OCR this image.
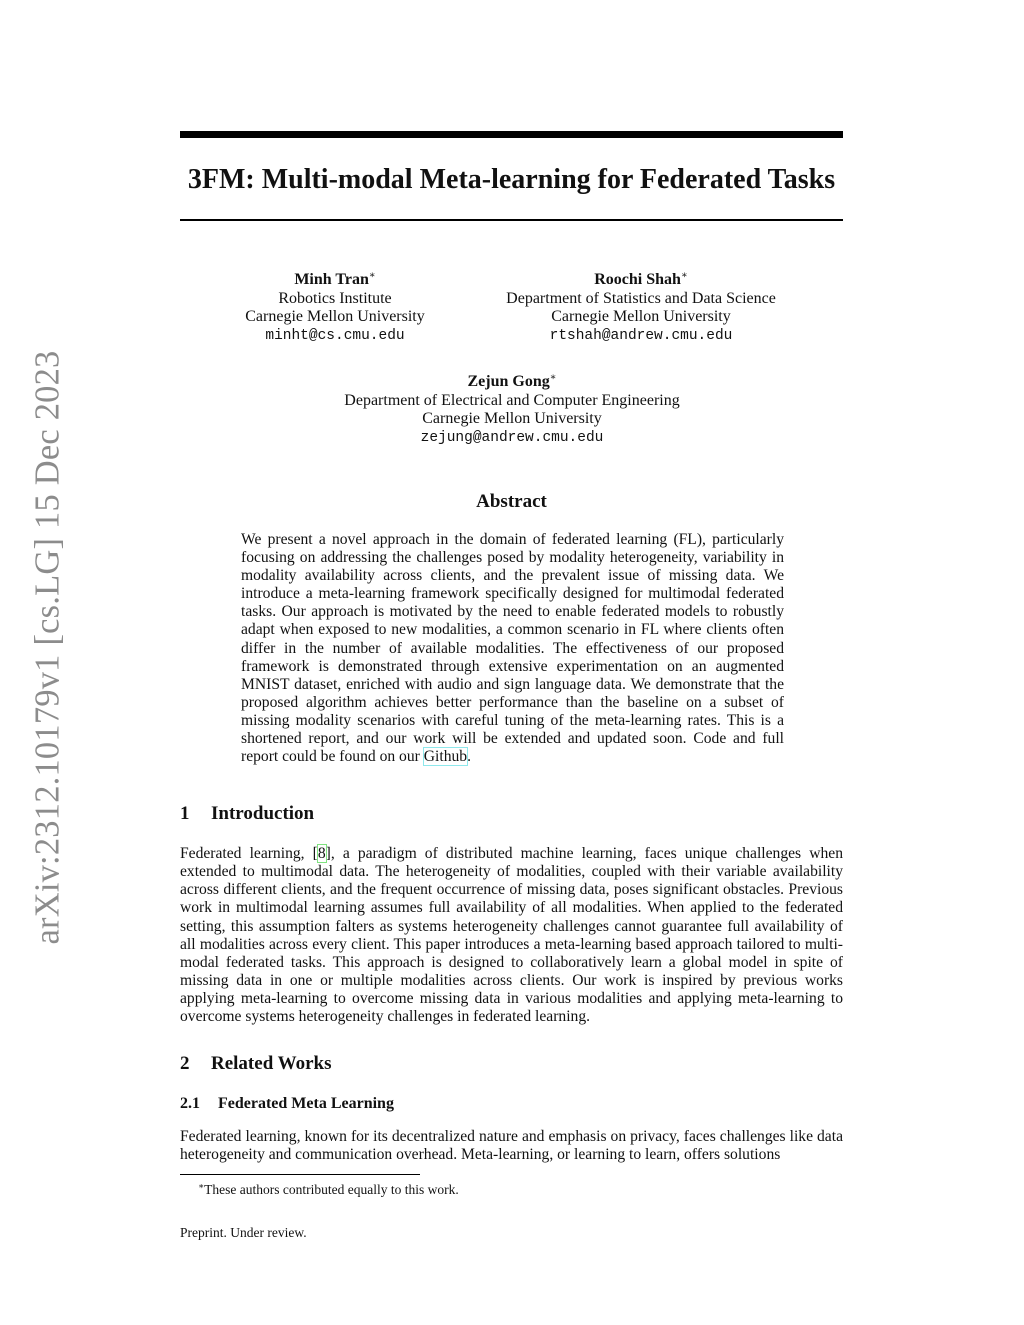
arXiv:2312.10179v1 [cs.LG] 15 Dec 2023
3FM: Multi-modal Meta-learning for Federated Tasks
Minh Tran∗
Robotics Institute
Carnegie Mellon University
minht@cs.cmu.edu
Roochi Shah∗
Department of Statistics and Data Science
Carnegie Mellon University
rtshah@andrew.cmu.edu
Zejun Gong∗
Department of Electrical and Computer Engineering
Carnegie Mellon University
zejung@andrew.cmu.edu
Abstract

We present a novel approach in the domain of federated learning (FL), particularly focusing on addressing the challenges posed by modality heterogeneity, variability in modality availability across clients, and the prevalent issue of missing data. We introduce a meta-learning framework specifically designed for multimodal federated tasks. Our approach is motivated by the need to enable federated models to robustly adapt when exposed to new modalities, a common scenario in FL where clients often differ in the number of available modalities. The effectiveness of our proposed framework is demonstrated through extensive experimentation on an augmented MNIST dataset, enriched with audio and sign language data. We demonstrate that the proposed algorithm achieves better performance than the baseline on a subset of missing modality scenarios with careful tuning of the meta-learning rates. This is a shortened report, and our work will be extended and updated soon. Code and full report could be found on our Github.

1 Introduction

Federated learning, [8], a paradigm of distributed machine learning, faces unique challenges when extended to multimodal data. The heterogeneity of modalities, coupled with their variable availability across different clients, and the frequent occurrence of missing data, poses significant obstacles. Previous work in multimodal learning assumes full availability of all modalities. When applied to the federated setting, this assumption falters as systems heterogeneity challenges cannot guarantee full availability of all modalities across every client. This paper introduces a meta-learning based approach tailored to multi-modal federated tasks. This approach is designed to collaboratively learn a global model in spite of missing data in one or multiple modalities across clients. Our work is inspired by previous works applying meta-learning to overcome missing data in various modalities and applying meta-learning to overcome systems heterogeneity challenges in federated learning.

2 Related Works
2.1 Federated Meta Learning

Federated learning, known for its decentralized nature and emphasis on privacy, faces challenges like data heterogeneity and communication overhead. Meta-learning, or learning to learn, offers solutions

∗These authors contributed equally to this work.

Preprint. Under review.
